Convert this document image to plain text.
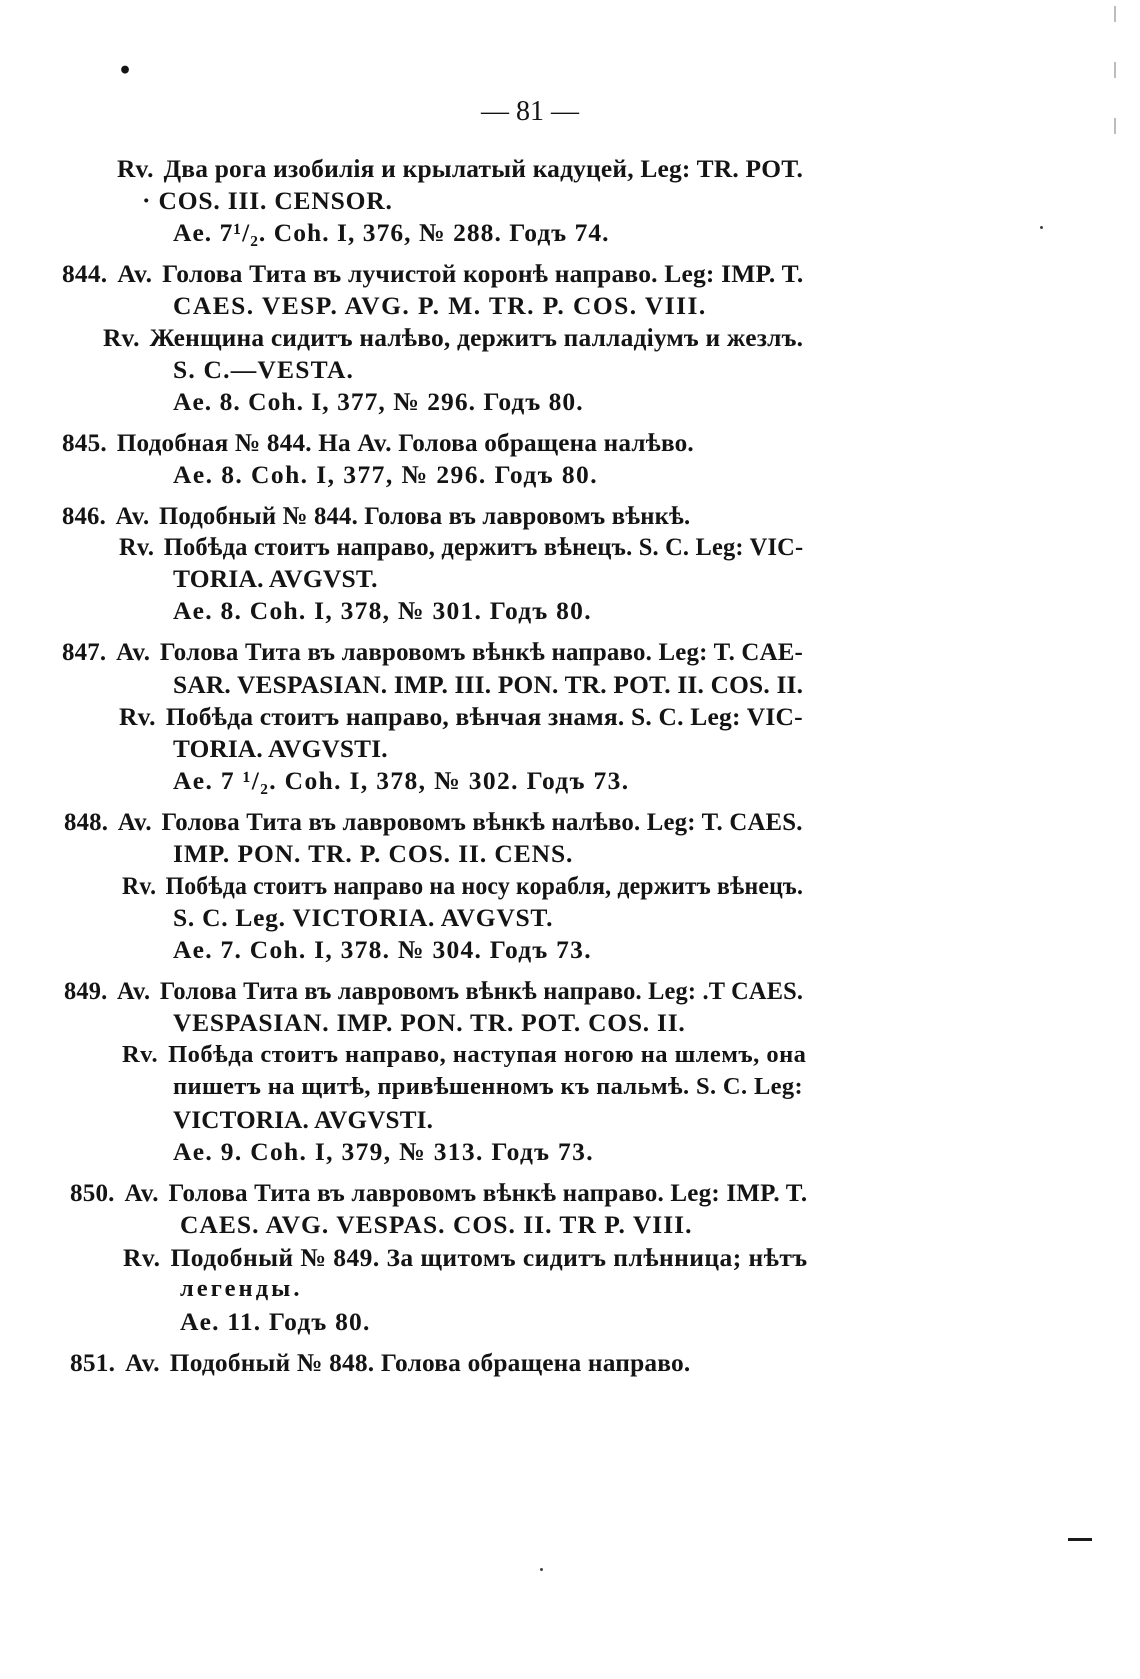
•
— 81 —
Rv. Два рога изобилія и крылатый кадуцей, Leg: TR. POT.
· COS. III. CENSOR.
Ae. 7¹/₂. Coh. I, 376, № 288. Годъ 74.
844. Av. Голова Тита въ лучистой коронѣ направо. Leg: IMP. T.
CAES. VESP. AVG. P. M. TR. P. COS. VIII.
Rv. Женщина сидитъ налѣво, держитъ палладіумъ и жезлъ.
S. C.—VESTA.
Ae. 8. Coh. I, 377, № 296. Годъ 80.
845. Подобная № 844. На Av. Голова обращена налѣво.
Ae. 8. Coh. I, 377, № 296. Годъ 80.
846. Av. Подобный № 844. Голова въ лавровомъ вѣнкѣ.
Rv. Побѣда стоитъ направо, держитъ вѣнецъ. S. C. Leg: VIC-
TORIA. AVGVST.
Ae. 8. Coh. I, 378, № 301. Годъ 80.
847. Av. Голова Тита въ лавровомъ вѣнкѣ направо. Leg: T. CAE-
SAR. VESPASIAN. IMP. III. PON. TR. POT. II. COS. II.
Rv. Побѣда стоитъ направо, вѣнчая знамя. S. C. Leg: VIC-
TORIA. AVGVSTI.
Ae. 7 ¹/₂. Coh. I, 378, № 302. Годъ 73.
848. Av. Голова Тита въ лавровомъ вѣнкѣ налѣво. Leg: T. CAES.
IMP. PON. TR. P. COS. II. CENS.
Rv. Побѣда стоитъ направо на носу корабля, держитъ вѣнецъ.
S. C. Leg. VICTORIA. AVGVST.
Ae. 7. Coh. I, 378. № 304. Годъ 73.
849. Av. Голова Тита въ лавровомъ вѣнкѣ направо. Leg: .T CAES.
VESPASIAN. IMP. PON. TR. POT. COS. II.
Rv. Побѣда стоитъ направо, наступая ногою на шлемъ, она
пишетъ на щитѣ, привѣшенномъ къ пальмѣ. S. C. Leg:
VICTORIA. AVGVSTI.
Ae. 9. Coh. I, 379, № 313. Годъ 73.
850. Av. Голова Тита въ лавровомъ вѣнкѣ направо. Leg: IMP. T.
CAES. AVG. VESPAS. COS. II. TR P. VIII.
Rv. Подобный № 849. За щитомъ сидитъ плѣнница; нѣтъ
легенды.
Ae. 11. Годъ 80.
851. Av. Подобный № 848. Голова обращена направо.
